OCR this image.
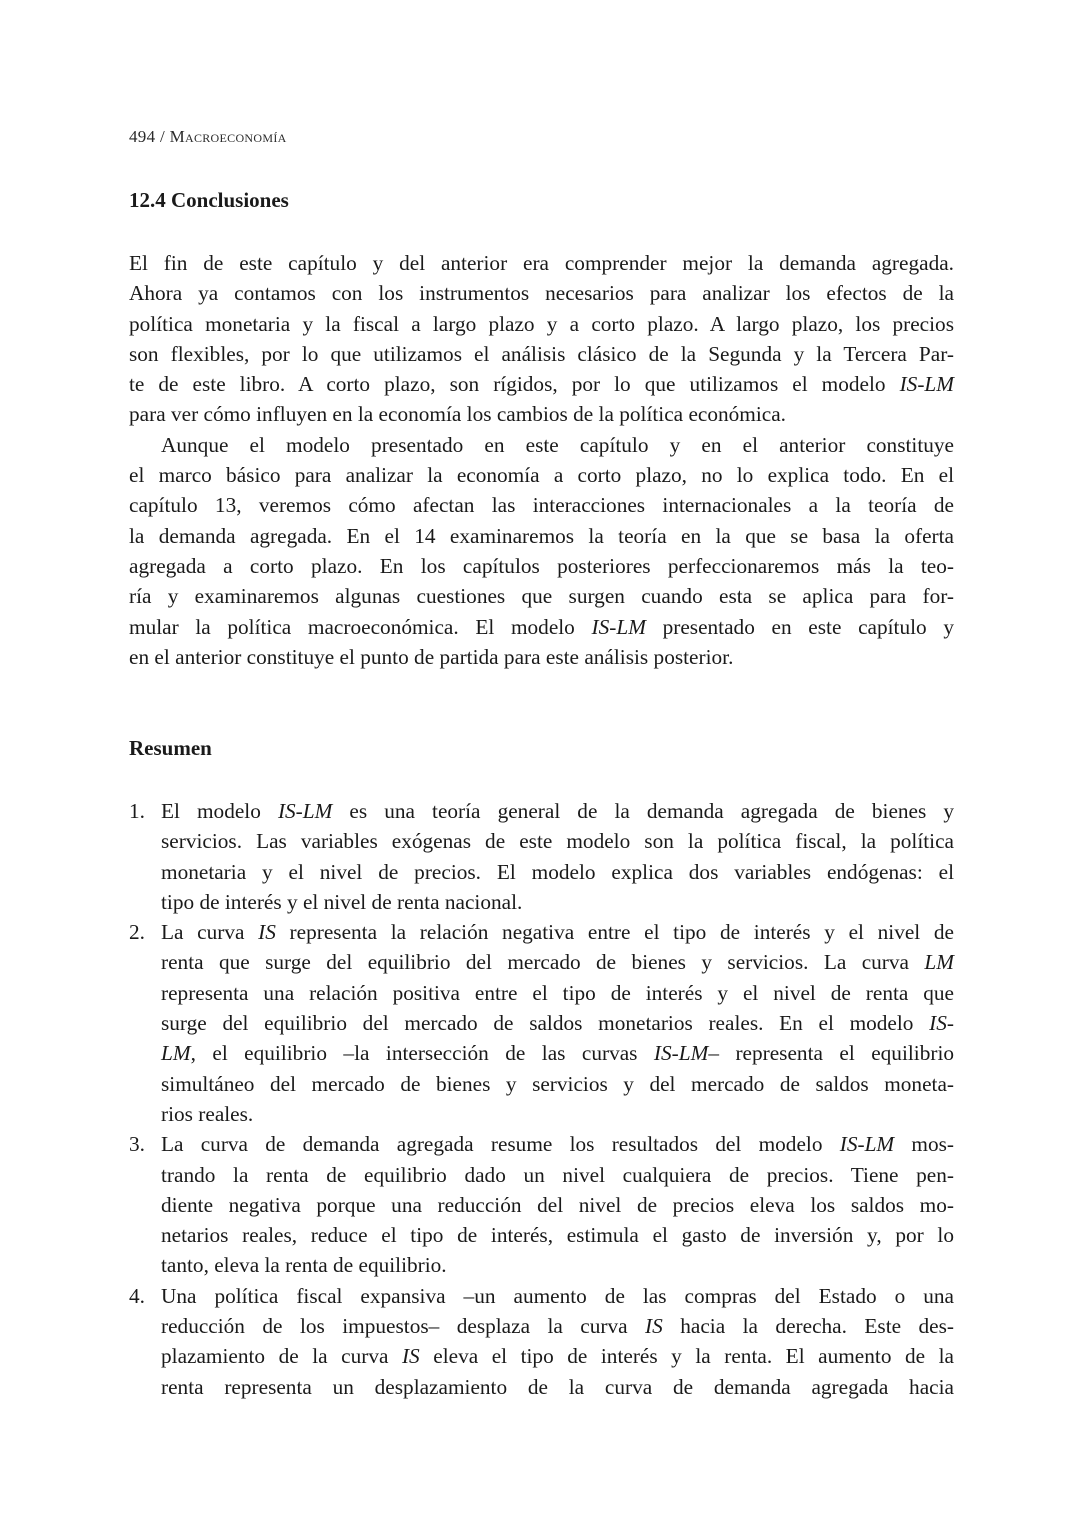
494 / Macroeconomía
12.4 Conclusiones

El fin de este capítulo y del anterior era comprender mejor la demanda agregada.
Ahora ya contamos con los instrumentos necesarios para analizar los efectos de la
política monetaria y la fiscal a largo plazo y a corto plazo. A largo plazo, los precios
son flexibles, por lo que utilizamos el análisis clásico de la Segunda y la Tercera Par-
te de este libro. A corto plazo, son rígidos, por lo que utilizamos el modelo IS-LM
para ver cómo influyen en la economía los cambios de la política económica.

Aunque el modelo presentado en este capítulo y en el anterior constituye
el marco básico para analizar la economía a corto plazo, no lo explica todo. En el
capítulo 13, veremos cómo afectan las interacciones internacionales a la teoría de
la demanda agregada. En el 14 examinaremos la teoría en la que se basa la oferta
agregada a corto plazo. En los capítulos posteriores perfeccionaremos más la teo-
ría y examinaremos algunas cuestiones que surgen cuando esta se aplica para for-
mular la política macroeconómica. El modelo IS-LM presentado en este capítulo y
en el anterior constituye el punto de partida para este análisis posterior.

Resumen
1. El modelo IS-LM es una teoría general de la demanda agregada de bienes y
servicios. Las variables exógenas de este modelo son la política fiscal, la política
monetaria y el nivel de precios. El modelo explica dos variables endógenas: el
tipo de interés y el nivel de renta nacional.
2. La curva IS representa la relación negativa entre el tipo de interés y el nivel de
renta que surge del equilibrio del mercado de bienes y servicios. La curva LM
representa una relación positiva entre el tipo de interés y el nivel de renta que
surge del equilibrio del mercado de saldos monetarios reales. En el modelo IS-
LM, el equilibrio –la intersección de las curvas IS-LM– representa el equilibrio
simultáneo del mercado de bienes y servicios y del mercado de saldos moneta-
rios reales.
3. La curva de demanda agregada resume los resultados del modelo IS-LM mos-
trando la renta de equilibrio dado un nivel cualquiera de precios. Tiene pen-
diente negativa porque una reducción del nivel de precios eleva los saldos mo-
netarios reales, reduce el tipo de interés, estimula el gasto de inversión y, por lo
tanto, eleva la renta de equilibrio.
4. Una política fiscal expansiva –un aumento de las compras del Estado o una
reducción de los impuestos– desplaza la curva IS hacia la derecha. Este des-
plazamiento de la curva IS eleva el tipo de interés y la renta. El aumento de la
renta representa un desplazamiento de la curva de demanda agregada hacia
